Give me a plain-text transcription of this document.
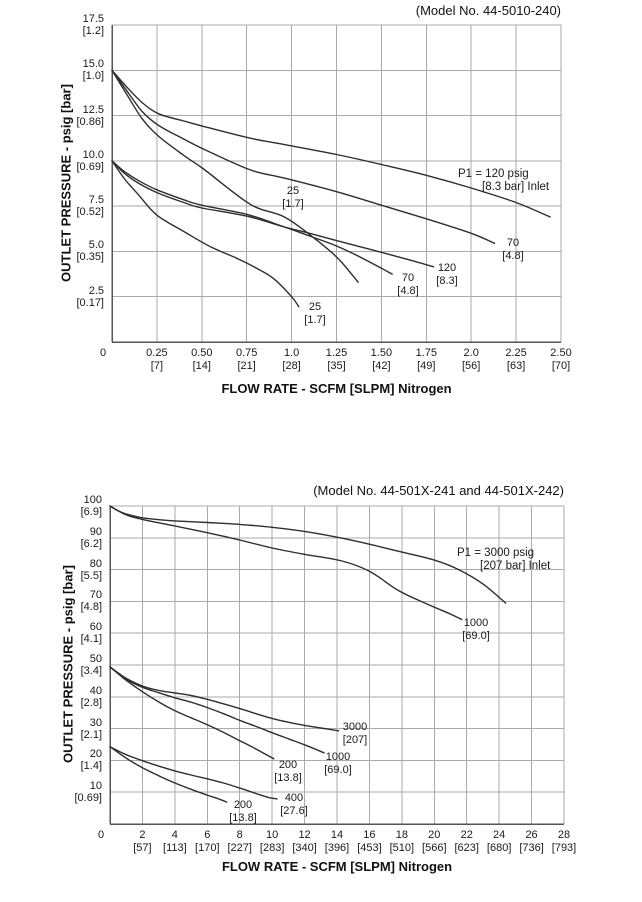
(Model No. 44-5010-240)
FLOW RATE - SCFM [SLPM] Nitrogen
OUTLET PRESSURE - psig [bar]
(Model No. 44-501X-241 and 44-501X-242)
FLOW RATE - SCFM [SLPM] Nitrogen
OUTLET PRESSURE - psig [bar]
0	0.25
[7]
0.50
[14]
0.75
[21]
1.0
[28]
1.25
[35]
1.50
[42]
1.75
[49]
2.0
[56]
2.25
[63]
2.50
[70]
17.5
[1.2]
15.0
[1.0]
12.5
[0.86]
10.0
[0.69]
7.5
[0.52]
5.0
[0.35]
2.5
[0.17]
25
[1.7]
70
[4.8]
120
[8.3]
70
[4.8]
25
[1.7]
P1 = 120 psig
[8.3 bar] Inlet
0	2
[57]
4
[113]
6
[170]
8
[227]
10
[283]
12
[340]
14
[396]
16
[453]
18
[510]
20
[566]
22
[623]
24
[680]
26
[736]
28
[793]
100
[6.9]
90
[6.2]
80
[5.5]
70
[4.8]
60
[4.1]
50
[3.4]
40
[2.8]
30
[2.1]
20
[1.4]
10
[0.69]
1000
[69.0]
3000
[207]
1000
[69.0]
200
[13.8]
400
[27.6]
200
[13.8]
P1 = 3000 psig
[207 bar] Inlet
